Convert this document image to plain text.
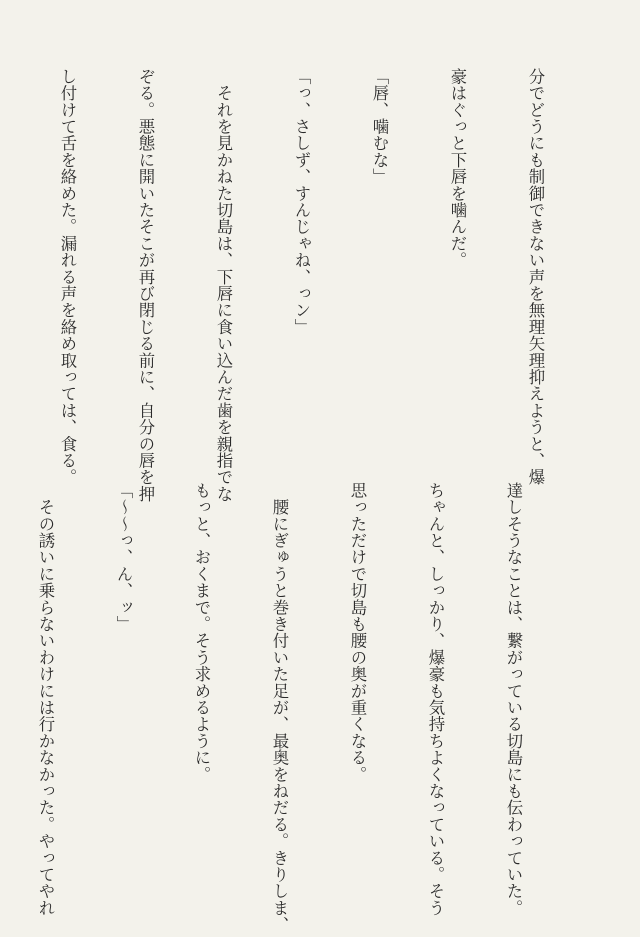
分でどうにも制御できない声を無理矢理抑えようと、爆

豪はぐっと下唇を噛んだ。

「唇、噛むな」

「っ、さしず、すんじゃね、っン」

　それを見かねた切島は、下唇に食い込んだ歯を親指でな

ぞる。悪態に開いたそこが再び閉じる前に、自分の唇を押

し付けて舌を絡めた。漏れる声を絡め取っては、食る。

達しそうなことは、繋がっている切島にも伝わっていた。

ちゃんと、しっかり、爆豪も気持ちよくなっている。そう

思っただけで切島も腰の奥が重くなる。

　腰にぎゅうと巻き付いた足が、最奥をねだる。きりしま、

もっと、おくまで。そう求めるように。

「〜〜っ、ん、ッ」

　その誘いに乗らないわけには行かなかった。やってやれ
